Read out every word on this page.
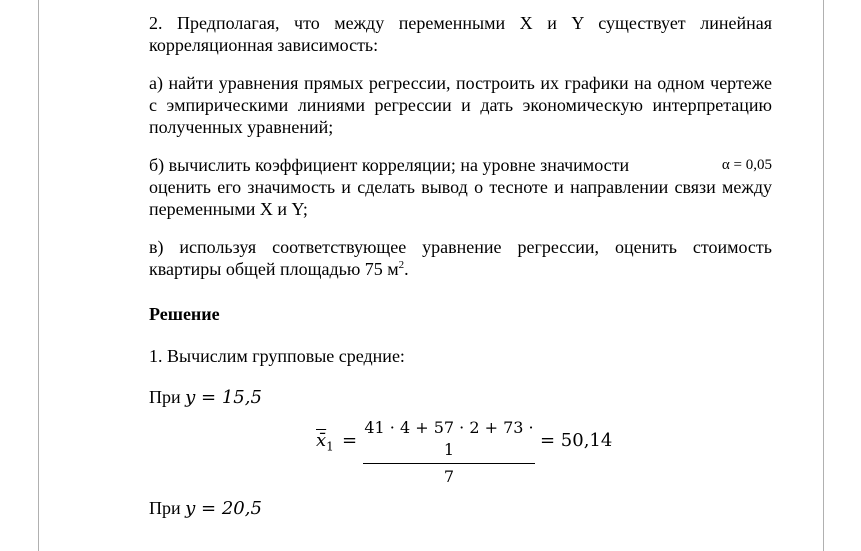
2. Предполагая, что между переменными X и Y существует линейная корреляционная зависимость:

а) найти уравнения прямых регрессии, построить их графики на одном чертеже с эмпирическими линиями регрессии и дать экономическую интерпретацию полученных уравнений;

б) вычислить коэффициент корреляции; на уровне значимости	α = 0,05

оценить его значимость и сделать вывод о тесноте и направлении связи между переменными X и Y;

в) используя соответствующее уравнение регрессии, оценить стоимость квартиры общей площадью 75 $м^2$.

Решение

1. Вычислим групповые средние:

При y = 15,5

$x̄_1$ =
41 · 4 + 57 · 2 + 73 · 1
7
= 50,14

При y = 20,5
